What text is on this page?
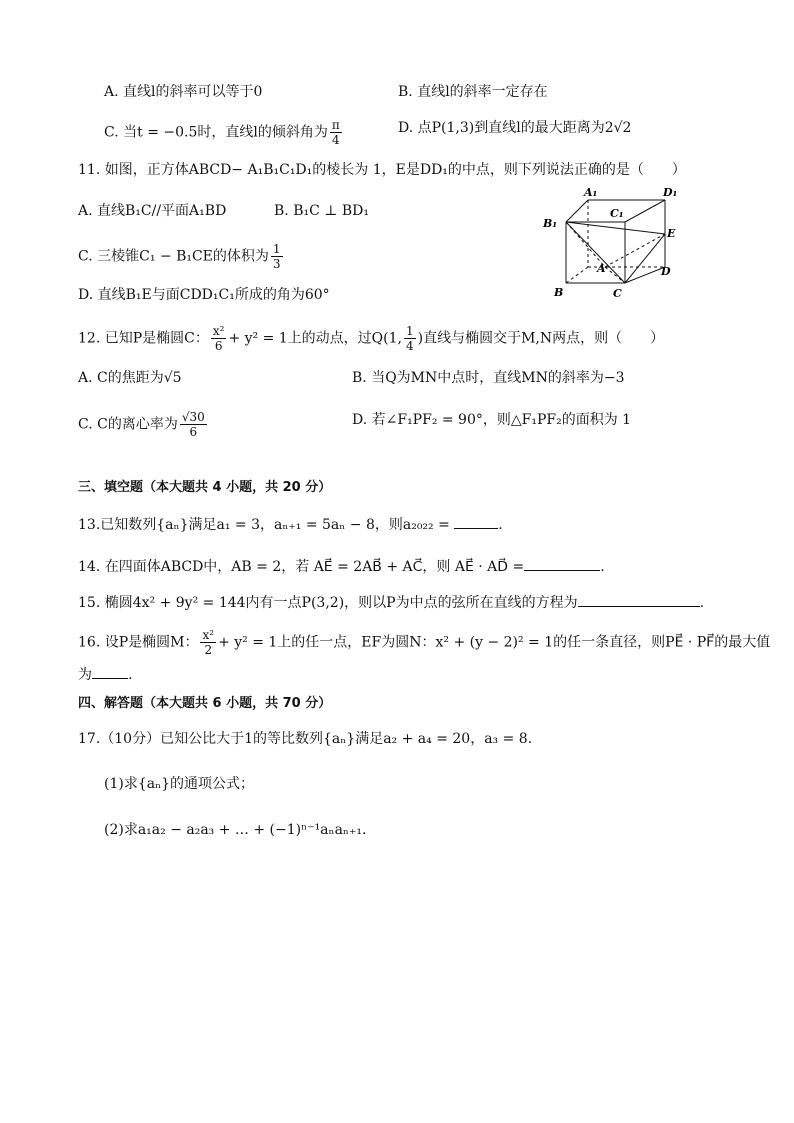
A. 直线l的斜率可以等于0	B. 直线l的斜率一定存在
C. 当t = −0.5时，直线l的倾斜角为 $\frac{\pi}{4}$	D. 点P(1,3)到直线l的最大距离为2√2
11. 如图，正方体ABCD− A₁B₁C₁D₁的棱长为 1，E是DD₁的中点，则下列说法正确的是（　　）
A. 直线B₁C//平面A₁BD	B. B₁C ⊥ BD₁
C. 三棱锥C₁ − B₁CE的体积为 $\frac{1}{3}$
D. 直线B₁E与面CDD₁C₁所成的角为60°
A₁	D₁
C₁
B₁
E
A	D
B	C
12. 已知P是椭圆C： $\frac{\text{x²}}{6} + y^2 = 1$上的动点，过Q(1, $\frac{1}{4}$ )直线与椭圆交于M,N两点，则（　　）
A. C的焦距为√5	B. 当Q为MN中点时，直线MN的斜率为−3
C. C的离心率为 $\frac{√30}{6}$	D. 若∠F₁PF₂ = 90°，则△F₁PF₂的面积为 1
三、填空题（本大题共 4 小题，共 20 分）
13.已知数列{aₙ}满足a₁ = 3，aₙ₊₁ = 5aₙ − 8，则a₂₀₂₂ =	.
14. 在四面体ABCD中，AB = 2，若 AE⃗ = 2AB⃗ + AC⃗，则 AE⃗ · AD⃗ =	.
15. 椭圆4x² + 9y² = 144内有一点P(3,2)，则以P为中点的弦所在直线的方程为	.
16. 设P是椭圆M： $\frac{\text{x²}}{2} + y^2 = 1$上的任一点，EF为圆N：x² + (y − 2)² = 1的任一条直径，则PE⃗ · PF⃗的最大值
为	.
四、解答题（本大题共 6 小题，共 70 分）
17.（10分）已知公比大于1的等比数列{aₙ}满足a₂ + a₄ = 20，a₃ = 8.
(1)求{aₙ}的通项公式；
(2)求a₁a₂ − a₂a₃ + … + (−1)ⁿ⁻¹aₙaₙ₊₁.
